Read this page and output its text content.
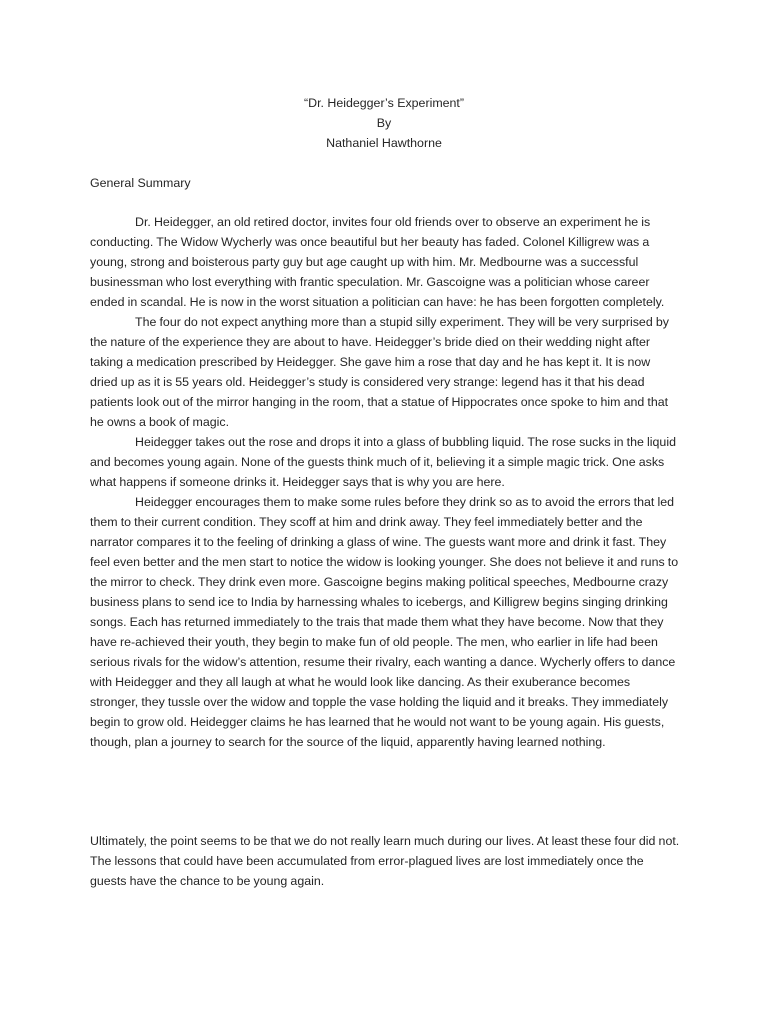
“Dr. Heidegger’s Experiment”
By
Nathaniel Hawthorne
General Summary

Dr. Heidegger, an old retired doctor, invites four old friends over to observe an experiment he is conducting. The Widow Wycherly was once beautiful but her beauty has faded. Colonel Killigrew was a young, strong and boisterous party guy but age caught up with him. Mr. Medbourne was a successful businessman who lost everything with frantic speculation. Mr. Gascoigne was a politician whose career ended in scandal. He is now in the worst situation a politician can have: he has been forgotten completely.

The four do not expect anything more than a stupid silly experiment. They will be very surprised by the nature of the experience they are about to have. Heidegger’s bride died on their wedding night after taking a medication prescribed by Heidegger. She gave him a rose that day and he has kept it. It is now dried up as it is 55 years old. Heidegger’s study is considered very strange: legend has it that his dead patients look out of the mirror hanging in the room, that a statue of Hippocrates once spoke to him and that he owns a book of magic.

Heidegger takes out the rose and drops it into a glass of bubbling liquid. The rose sucks in the liquid and becomes young again. None of the guests think much of it, believing it a simple magic trick. One asks what happens if someone drinks it. Heidegger says that is why you are here.

Heidegger encourages them to make some rules before they drink so as to avoid the errors that led them to their current condition. They scoff at him and drink away. They feel immediately better and the narrator compares it to the feeling of drinking a glass of wine. The guests want more and drink it fast. They feel even better and the men start to notice the widow is looking younger. She does not believe it and runs to the mirror to check. They drink even more. Gascoigne begins making political speeches, Medbourne crazy business plans to send ice to India by harnessing whales to icebergs, and Killigrew begins singing drinking songs. Each has returned immediately to the trais that made them what they have become. Now that they have re-achieved their youth, they begin to make fun of old people. The men, who earlier in life had been serious rivals for the widow’s attention, resume their rivalry, each wanting a dance. Wycherly offers to dance with Heidegger and they all laugh at what he would look like dancing. As their exuberance becomes stronger, they tussle over the widow and topple the vase holding the liquid and it breaks. They immediately begin to grow old. Heidegger claims he has learned that he would not want to be young again. His guests, though, plan a journey to search for the source of the liquid, apparently having learned nothing.

Ultimately, the point seems to be that we do not really learn much during our lives. At least these four did not. The lessons that could have been accumulated from error-plagued lives are lost immediately once the guests have the chance to be young again.
